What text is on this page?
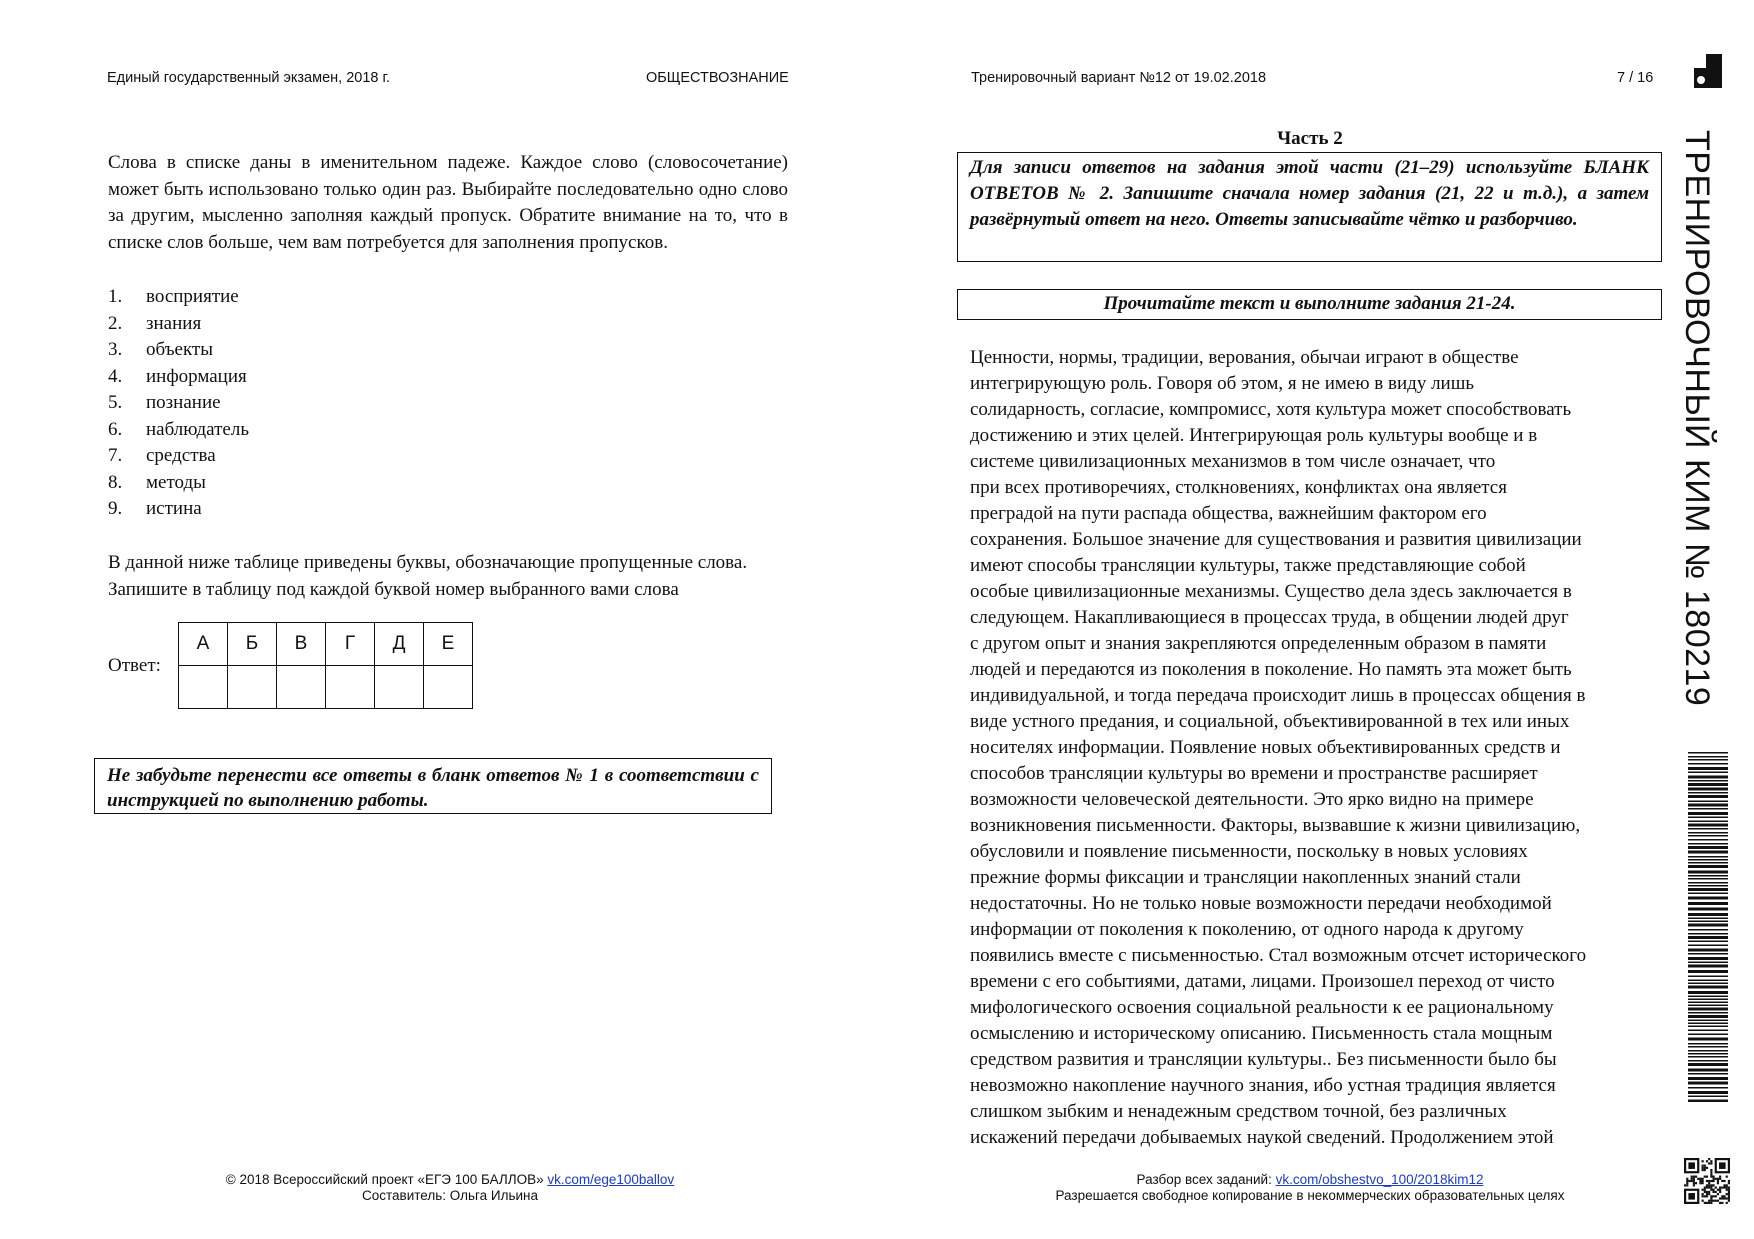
Единый государственный экзамен, 2018 г.	ОБЩЕСТВОЗНАНИЕ	Тренировочный вариант №12 от 19.02.2018	7 / 16
Слова в списке даны в именительном падеже. Каждое слово (словосочетание) может быть использовано только один раз. Выбирайте последовательно одно слово за другим, мысленно заполняя каждый пропуск. Обратите внимание на то, что в списке слов больше, чем вам потребуется для заполнения пропусков.
1. восприятие
2. знания
3. объекты
4. информация
5. познание
6. наблюдатель
7. средства
8. методы
9. истина
В данной ниже таблице приведены буквы, обозначающие пропущенные слова. Запишите в таблицу под каждой буквой номер выбранного вами слова
Ответ:
А	Б	В	Г	Д	Е

Не забудьте перенести все ответы в бланк ответов № 1 в соответствии с инструкцией по выполнению работы.
Часть 2
Для записи ответов на задания этой части (21–29) используйте БЛАНК ОТВЕТОВ № 2. Запишите сначала номер задания (21, 22 и т.д.), а затем развёрнутый ответ на него. Ответы записывайте чётко и разборчиво.
Прочитайте текст и выполните задания 21-24.
Ценности, нормы, традиции, верования, обычаи играют в обществе
интегрирующую роль. Говоря об этом, я не имею в виду лишь
солидарность, согласие, компромисс, хотя культура может способствовать
достижению и этих целей. Интегрирующая роль культуры вообще и в
системе цивилизационных механизмов в том числе означает, что
при всех противоречиях, столкновениях, конфликтах она является
преградой на пути распада общества, важнейшим фактором его
сохранения. Большое значение для существования и развития цивилизации
имеют способы трансляции культуры, также представляющие собой
особые цивилизационные механизмы. Существо дела здесь заключается в
следующем. Накапливающиеся в процессах труда, в общении людей друг
с другом опыт и знания закрепляются определенным образом в памяти
людей и передаются из поколения в поколение. Но память эта может быть
индивидуальной, и тогда передача происходит лишь в процессах общения в
виде устного предания, и социальной, объективированной в тех или иных
носителях информации. Появление новых объективированных средств и
способов трансляции культуры во времени и пространстве расширяет
возможности человеческой деятельности. Это ярко видно на примере
возникновения письменности. Факторы, вызвавшие к жизни цивилизацию,
обусловили и появление письменности, поскольку в новых условиях
прежние формы фиксации и трансляции накопленных знаний стали
недостаточны. Но не только новые возможности передачи необходимой
информации от поколения к поколению, от одного народа к другому
появились вместе с письменностью. Стал возможным отсчет исторического
времени с его событиями, датами, лицами. Произошел переход от чисто
мифологического освоения социальной реальности к ее рациональному
осмыслению и историческому описанию. Письменность стала мощным
средством развития и трансляции культуры.. Без письменности было бы
невозможно накопление научного знания, ибо устная традиция является
слишком зыбким и ненадежным средством точной, без различных
искажений передачи добываемых наукой сведений. Продолжением этой
ТРЕНИРОВОЧНЫЙ КИМ № 180219
© 2018 Всероссийский проект «ЕГЭ 100 БАЛЛОВ» vk.com/ege100ballov
Составитель: Ольга Ильина
Разбор всех заданий: vk.com/obshestvo_100/2018kim12
Разрешается свободное копирование в некоммерческих образовательных целях
